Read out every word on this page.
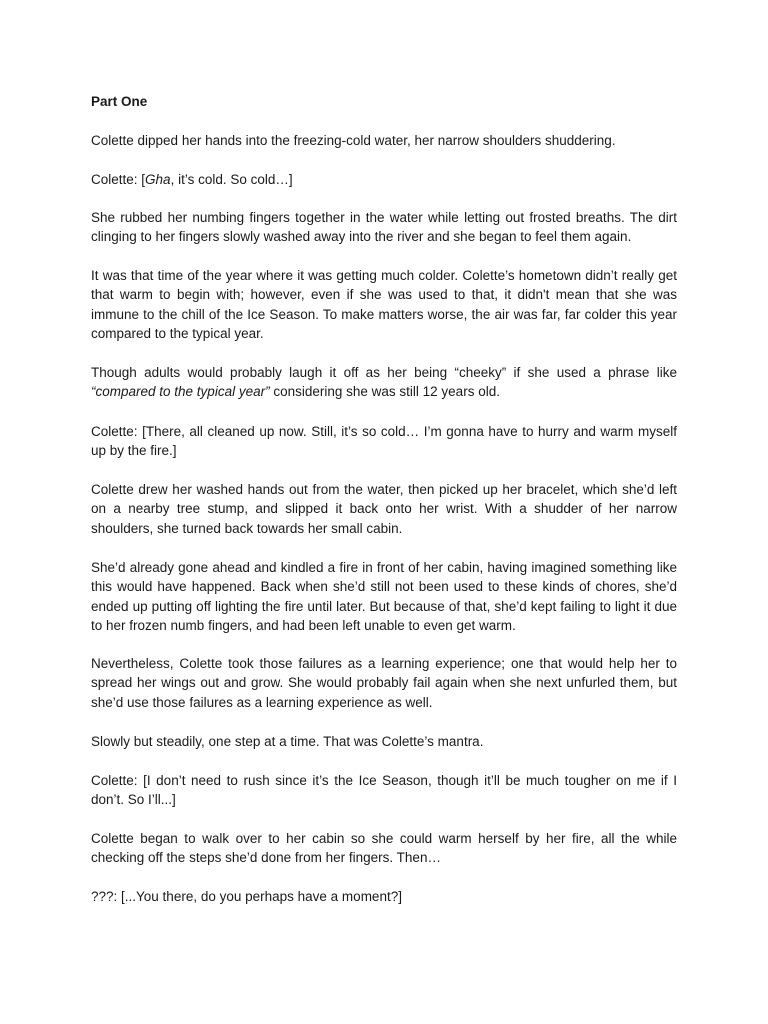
Part One

Colette dipped her hands into the freezing-cold water, her narrow shoulders shuddering.

Colette: [Gha, it’s cold. So cold…]

She rubbed her numbing fingers together in the water while letting out frosted breaths. The dirt clinging to her fingers slowly washed away into the river and she began to feel them again.

It was that time of the year where it was getting much colder. Colette’s hometown didn’t really get that warm to begin with; however, even if she was used to that, it didn't mean that she was immune to the chill of the Ice Season. To make matters worse, the air was far, far colder this year compared to the typical year.

Though adults would probably laugh it off as her being “cheeky” if she used a phrase like “compared to the typical year” considering she was still 12 years old.

Colette: [There, all cleaned up now. Still, it’s so cold… I’m gonna have to hurry and warm myself up by the fire.]

Colette drew her washed hands out from the water, then picked up her bracelet, which she’d left on a nearby tree stump, and slipped it back onto her wrist. With a shudder of her narrow shoulders, she turned back towards her small cabin.

She’d already gone ahead and kindled a fire in front of her cabin, having imagined something like this would have happened. Back when she’d still not been used to these kinds of chores, she’d ended up putting off lighting the fire until later. But because of that, she’d kept failing to light it due to her frozen numb fingers, and had been left unable to even get warm.

Nevertheless, Colette took those failures as a learning experience; one that would help her to spread her wings out and grow. She would probably fail again when she next unfurled them, but she’d use those failures as a learning experience as well.

Slowly but steadily, one step at a time. That was Colette’s mantra.

Colette: [I don’t need to rush since it’s the Ice Season, though it’ll be much tougher on me if I don’t. So I’ll...]

Colette began to walk over to her cabin so she could warm herself by her fire, all the while checking off the steps she’d done from her fingers. Then…

???: [...You there, do you perhaps have a moment?]
